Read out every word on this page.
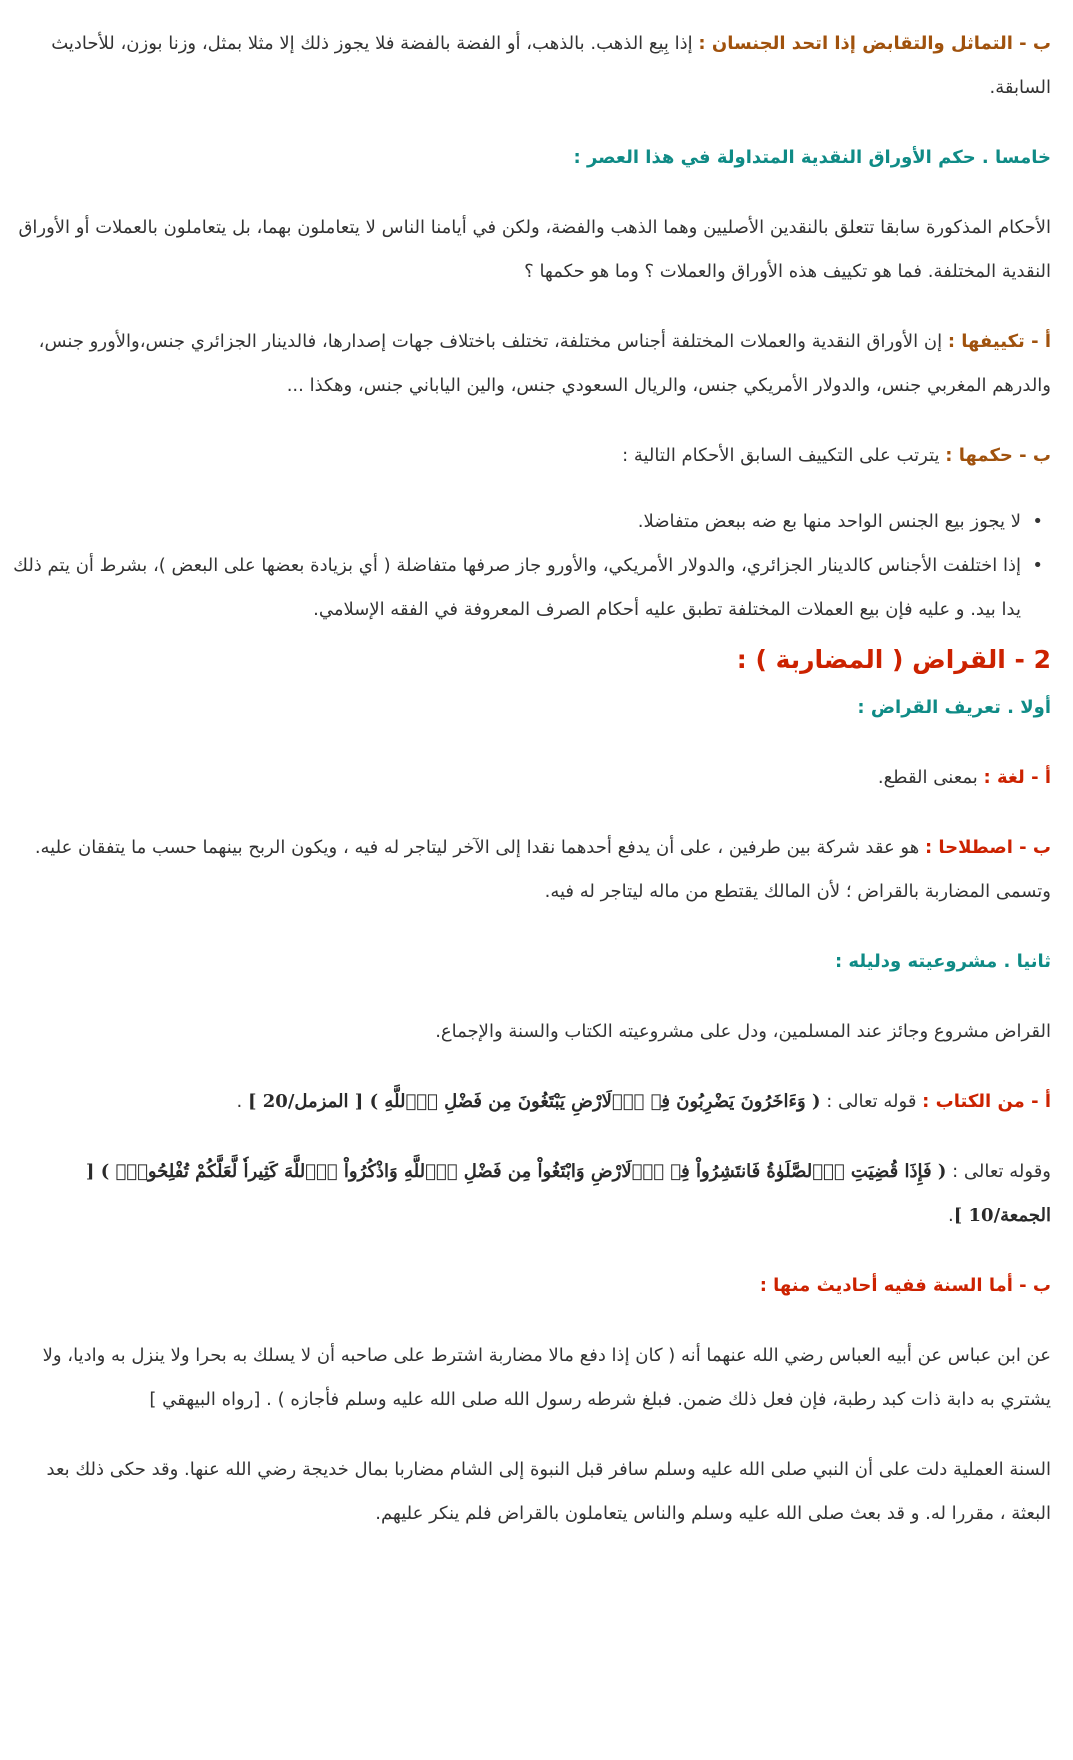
ب - التماثل والتقابض إذا اتحد الجنسان : إذا بِيع الذهب. بالذهب، أو الفضة بالفضة فلا يجوز ذلك إلا مثلا بمثل، وزنا بوزن، للأحاديث السابقة.

خامسا . حكم الأوراق النقدية المتداولة في هذا العصر :

الأحكام المذكورة سابقا تتعلق بالنقدين الأصليين وهما الذهب والفضة، ولكن في أيامنا الناس لا يتعاملون بهما، بل يتعاملون بالعملات أو الأوراق النقدية المختلفة. فما هو تكييف هذه الأوراق والعملات ؟ وما هو حكمها ؟

أ - تكييفها : إن الأوراق النقدية والعملات المختلفة أجناس مختلفة، تختلف باختلاف جهات إصدارها، فالدينار الجزائري جنس،والأورو جنس، والدرهم المغربي جنس، والدولار الأمريكي جنس، والريال السعودي جنس، والين الياباني جنس، وهكذا ...

ب - حكمها : يترتب على التكييف السابق الأحكام التالية :

•
لا يجوز بيع الجنس الواحد منها بع ضه ببعض متفاضلا.
•
إذا اختلفت الأجناس كالدينار الجزائري، والدولار الأمريكي، والأورو جاز صرفها متفاضلة ( أي بزيادة بعضها على البعض )، بشرط أن يتم ذلك يدا بيد. و عليه فإن بيع العملات المختلفة تطبق عليه أحكام الصرف المعروفة في الفقه الإسلامي.

2 - القراض ( المضاربة ) :

أولا . تعريف القراض :

أ - لغة : بمعنى القطع.

ب - اصطلاحا : هو عقد شركة بين طرفين ، على أن يدفع أحدهما نقدا إلى الآخر ليتاجر له فيه ، ويكون الربح بينهما حسب ما يتفقان عليه. وتسمى المضاربة بالقراض ؛ لأن المالك يقتطع من ماله ليتاجر له فيه.

ثانيا . مشروعيته ودليله :

القراض مشروع وجائز عند المسلمين، ودل على مشروعيته الكتاب والسنة والإجماع.

أ - من الكتاب : قوله تعالى : ( وَءَاخَرُونَ يَضْرِبُونَ فِے اِ۬لَارْضِ يَبْتَغُونَ مِن فَضْلِ اِ۬للَّهِ ) [ المزمل/20 ] .

وقوله تعالى : ( فَإِذَا قُضِيَتِ اِ۬لصَّلَوٰةُ فَانتَشِرُواْ فِے اِ۬لَارْضِ وَابْتَغُواْ مِن فَضْلِ اِ۬للَّهِ وَاذْكُرُواْ اُ۬للَّهَ كَثِيراٗ لَّعَلَّكُمْ تُفْلِحُونَۖ ) [ الجمعة/10 ].

ب - أما السنة ففيه أحاديث منها :

عن ابن عباس عن أبيه العباس رضي الله عنهما أنه ( كان إذا دفع مالا مضاربة اشترط على صاحبه أن لا يسلك به بحرا ولا ينزل به واديا، ولا يشتري به دابة ذات كبد رطبة، فإن فعل ذلك ضمن. فبلغ شرطه رسول الله صلى الله عليه وسلم فأجازه ) . [رواه البيهقي ]

السنة العملية دلت على أن النبي صلى الله عليه وسلم سافر قبل النبوة إلى الشام مضاربا بمال خديجة رضي الله عنها. وقد حكى ذلك بعد البعثة ، مقررا له. و قد بعث صلى الله عليه وسلم والناس يتعاملون بالقراض فلم ينكر عليهم.
